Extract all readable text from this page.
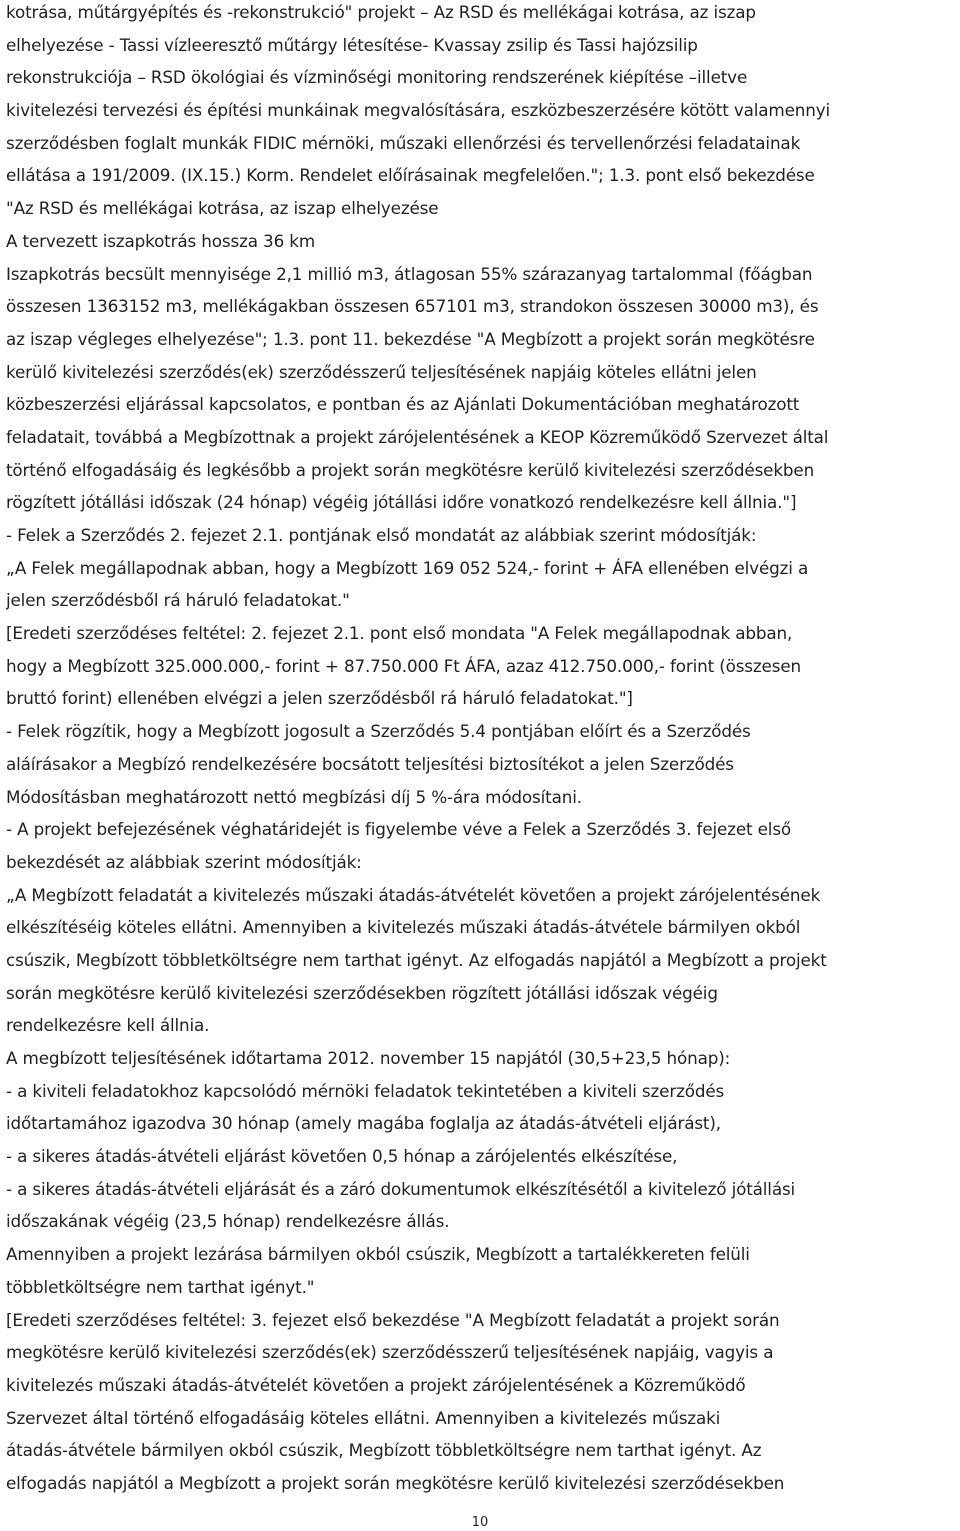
kotrása, műtárgyépítés és -rekonstrukció" projekt – Az RSD és mellékágai kotrása, az iszap
elhelyezése - Tassi vízleeresztő műtárgy létesítése- Kvassay zsilip és Tassi hajózsilip
rekonstrukciója – RSD ökológiai és vízminőségi monitoring rendszerének kiépítése –illetve
kivitelezési tervezési és építési munkáinak megvalósítására, eszközbeszerzésére kötött valamennyi
szerződésben foglalt munkák FIDIC mérnöki, műszaki ellenőrzési és tervellenőrzési feladatainak
ellátása a 191/2009. (IX.15.) Korm. Rendelet előírásainak megfelelően."; 1.3. pont első bekezdése
"Az RSD és mellékágai kotrása, az iszap elhelyezése
A tervezett iszapkotrás hossza 36 km
Iszapkotrás becsült mennyisége 2,1 millió m3, átlagosan 55% szárazanyag tartalommal (főágban
összesen 1363152 m3, mellékágakban összesen 657101 m3, strandokon összesen 30000 m3), és
az iszap végleges elhelyezése"; 1.3. pont 11. bekezdése "A Megbízott a projekt során megkötésre
kerülő kivitelezési szerződés(ek) szerződésszerű teljesítésének napjáig köteles ellátni jelen
közbeszerzési eljárással kapcsolatos, e pontban és az Ajánlati Dokumentációban meghatározott
feladatait, továbbá a Megbízottnak a projekt zárójelentésének a KEOP Közreműködő Szervezet által
történő elfogadásáig és legkésőbb a projekt során megkötésre kerülő kivitelezési szerződésekben
rögzített jótállási időszak (24 hónap) végéig jótállási időre vonatkozó rendelkezésre kell állnia."]
- Felek a Szerződés 2. fejezet 2.1. pontjának első mondatát az alábbiak szerint módosítják:
„A Felek megállapodnak abban, hogy a Megbízott 169 052 524,- forint + ÁFA ellenében elvégzi a
jelen szerződésből rá háruló feladatokat."
[Eredeti szerződéses feltétel: 2. fejezet 2.1. pont első mondata "A Felek megállapodnak abban,
hogy a Megbízott 325.000.000,- forint + 87.750.000 Ft ÁFA, azaz 412.750.000,- forint (összesen
bruttó forint) ellenében elvégzi a jelen szerződésből rá háruló feladatokat."]
- Felek rögzítik, hogy a Megbízott jogosult a Szerződés 5.4 pontjában előírt és a Szerződés
aláírásakor a Megbízó rendelkezésére bocsátott teljesítési biztosítékot a jelen Szerződés
Módosításban meghatározott nettó megbízási díj 5 %-ára módosítani.
- A projekt befejezésének véghatáridejét is figyelembe véve a Felek a Szerződés 3. fejezet első
bekezdését az alábbiak szerint módosítják:
„A Megbízott feladatát a kivitelezés műszaki átadás-átvételét követően a projekt zárójelentésének
elkészítéséig köteles ellátni. Amennyiben a kivitelezés műszaki átadás-átvétele bármilyen okból
csúszik, Megbízott többletköltségre nem tarthat igényt. Az elfogadás napjától a Megbízott a projekt
során megkötésre kerülő kivitelezési szerződésekben rögzített jótállási időszak végéig
rendelkezésre kell állnia.
A megbízott teljesítésének időtartama 2012. november 15 napjától (30,5+23,5 hónap):
- a kiviteli feladatokhoz kapcsolódó mérnöki feladatok tekintetében a kiviteli szerződés
időtartamához igazodva 30 hónap (amely magába foglalja az átadás-átvételi eljárást),
- a sikeres átadás-átvételi eljárást követően 0,5 hónap a zárójelentés elkészítése,
- a sikeres átadás-átvételi eljárását és a záró dokumentumok elkészítésétől a kivitelező jótállási
időszakának végéig (23,5 hónap) rendelkezésre állás.
Amennyiben a projekt lezárása bármilyen okból csúszik, Megbízott a tartalékkereten felüli
többletköltségre nem tarthat igényt."
[Eredeti szerződéses feltétel: 3. fejezet első bekezdése "A Megbízott feladatát a projekt során
megkötésre kerülő kivitelezési szerződés(ek) szerződésszerű teljesítésének napjáig, vagyis a
kivitelezés műszaki átadás-átvételét követően a projekt zárójelentésének a Közreműködő
Szervezet által történő elfogadásáig köteles ellátni. Amennyiben a kivitelezés műszaki
átadás-átvétele bármilyen okból csúszik, Megbízott többletköltségre nem tarthat igényt. Az
elfogadás napjától a Megbízott a projekt során megkötésre kerülő kivitelezési szerződésekben
10
